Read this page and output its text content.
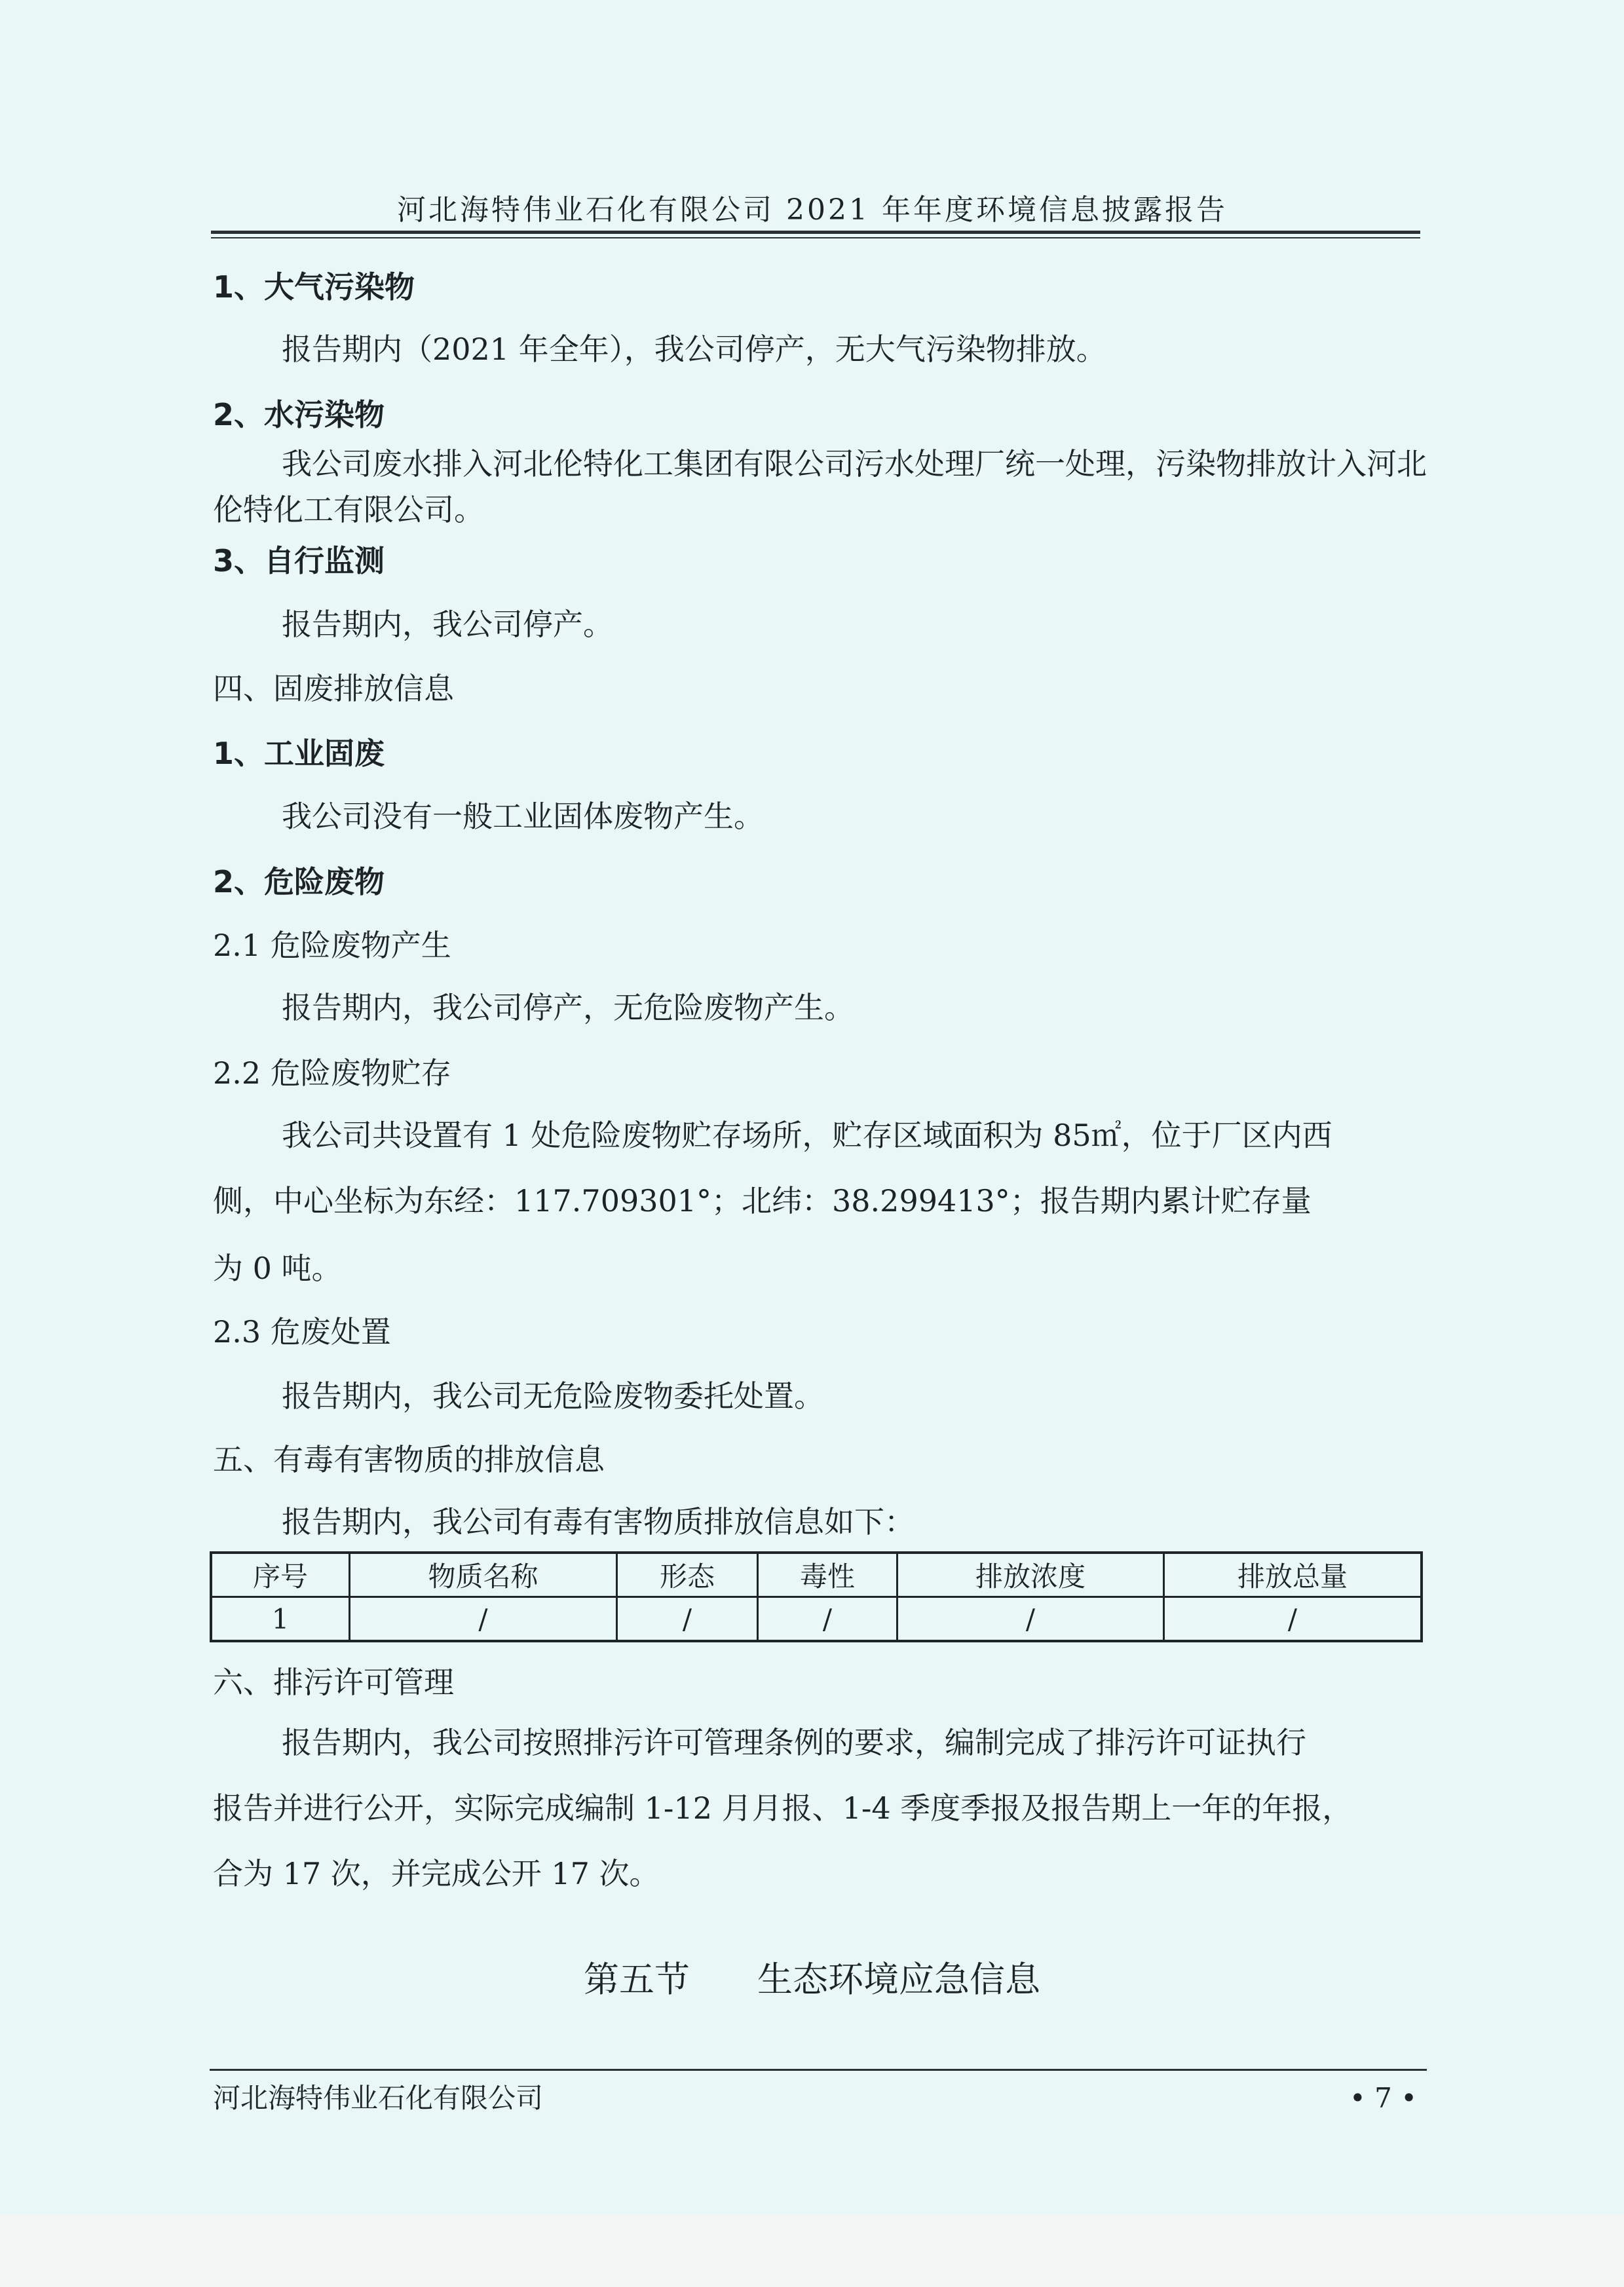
河北海特伟业石化有限公司 2021 年年度环境信息披露报告
1、大气污染物
报告期内（2021 年全年），我公司停产，无大气污染物排放。
2、水污染物
我公司废水排入河北伦特化工集团有限公司污水处理厂统一处理，污染物排放计入河北
伦特化工有限公司。
3、自行监测
报告期内，我公司停产。
四、固废排放信息
1、工业固废
我公司没有一般工业固体废物产生。
2、危险废物
2.1 危险废物产生
报告期内，我公司停产，无危险废物产生。
2.2 危险废物贮存
我公司共设置有 1 处危险废物贮存场所，贮存区域面积为 85㎡，位于厂区内西
侧，中心坐标为东经：117.709301°；北纬：38.299413°；报告期内累计贮存量
为 0 吨。
2.3 危废处置
报告期内，我公司无危险废物委托处置。
五、有毒有害物质的排放信息
报告期内，我公司有毒有害物质排放信息如下：
序号	物质名称	形态	毒性	排放浓度	排放总量
1	/	/	/	/	/
六、排污许可管理
报告期内，我公司按照排污许可管理条例的要求，编制完成了排污许可证执行
报告并进行公开，实际完成编制 1-12 月月报、1-4 季度季报及报告期上一年的年报，
合为 17 次，并完成公开 17 次。
第五节      生态环境应急信息
河北海特伟业石化有限公司	• 7 •
